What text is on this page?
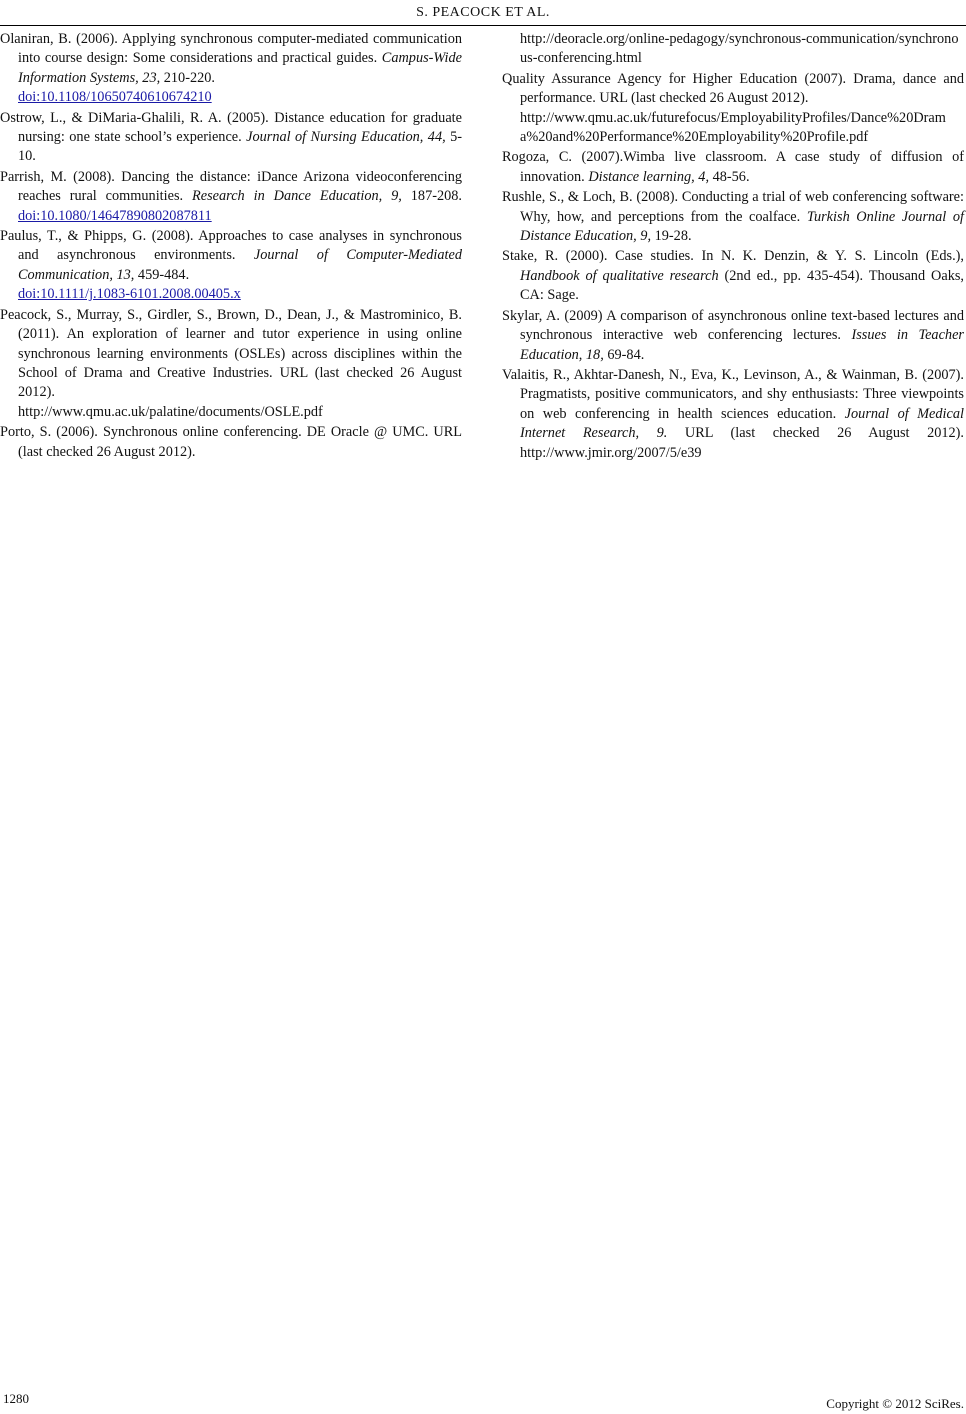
S. PEACOCK ET AL.

Olaniran, B. (2006). Applying synchronous computer-mediated communication into course design: Some considerations and practical guides. Campus-Wide Information Systems, 23, 210-220.
doi:10.1108/10650740610674210

Ostrow, L., & DiMaria-Ghalili, R. A. (2005). Distance education for graduate nursing: one state school’s experience. Journal of Nursing Education, 44, 5-10.

Parrish, M. (2008). Dancing the distance: iDance Arizona videoconferencing reaches rural communities. Research in Dance Education, 9, 187-208. doi:10.1080/14647890802087811

Paulus, T., & Phipps, G. (2008). Approaches to case analyses in synchronous and asynchronous environments. Journal of Computer-Mediated Communication, 13, 459-484.
doi:10.1111/j.1083-6101.2008.00405.x

Peacock, S., Murray, S., Girdler, S., Brown, D., Dean, J., & Mastrominico, B. (2011). An exploration of learner and tutor experience in using online synchronous learning environments (OSLEs) across disciplines within the School of Drama and Creative Industries. URL (last checked 26 August 2012).
http://www.qmu.ac.uk/palatine/documents/OSLE.pdf

Porto, S. (2006). Synchronous online conferencing. DE Oracle @ UMC. URL (last checked 26 August 2012).

http://deoracle.org/online-pedagogy/synchronous-communication/synchronous-conferencing.html

Quality Assurance Agency for Higher Education (2007). Drama, dance and performance. URL (last checked 26 August 2012).
http://www.qmu.ac.uk/futurefocus/EmployabilityProfiles/Dance%20Drama%20and%20Performance%20Employability%20Profile.pdf

Rogoza, C. (2007).Wimba live classroom. A case study of diffusion of innovation. Distance learning, 4, 48-56.

Rushle, S., & Loch, B. (2008). Conducting a trial of web conferencing software: Why, how, and perceptions from the coalface. Turkish Online Journal of Distance Education, 9, 19-28.

Stake, R. (2000). Case studies. In N. K. Denzin, & Y. S. Lincoln (Eds.), Handbook of qualitative research (2nd ed., pp. 435-454). Thousand Oaks, CA: Sage.

Skylar, A. (2009) A comparison of asynchronous online text-based lectures and synchronous interactive web conferencing lectures. Issues in Teacher Education, 18, 69-84.

Valaitis, R., Akhtar-Danesh, N., Eva, K., Levinson, A., & Wainman, B. (2007). Pragmatists, positive communicators, and shy enthusiasts: Three viewpoints on web conferencing in health sciences education. Journal of Medical Internet Research, 9. URL (last checked 26 August 2012). http://www.jmir.org/2007/5/e39

1280	Copyright © 2012 SciRes.
